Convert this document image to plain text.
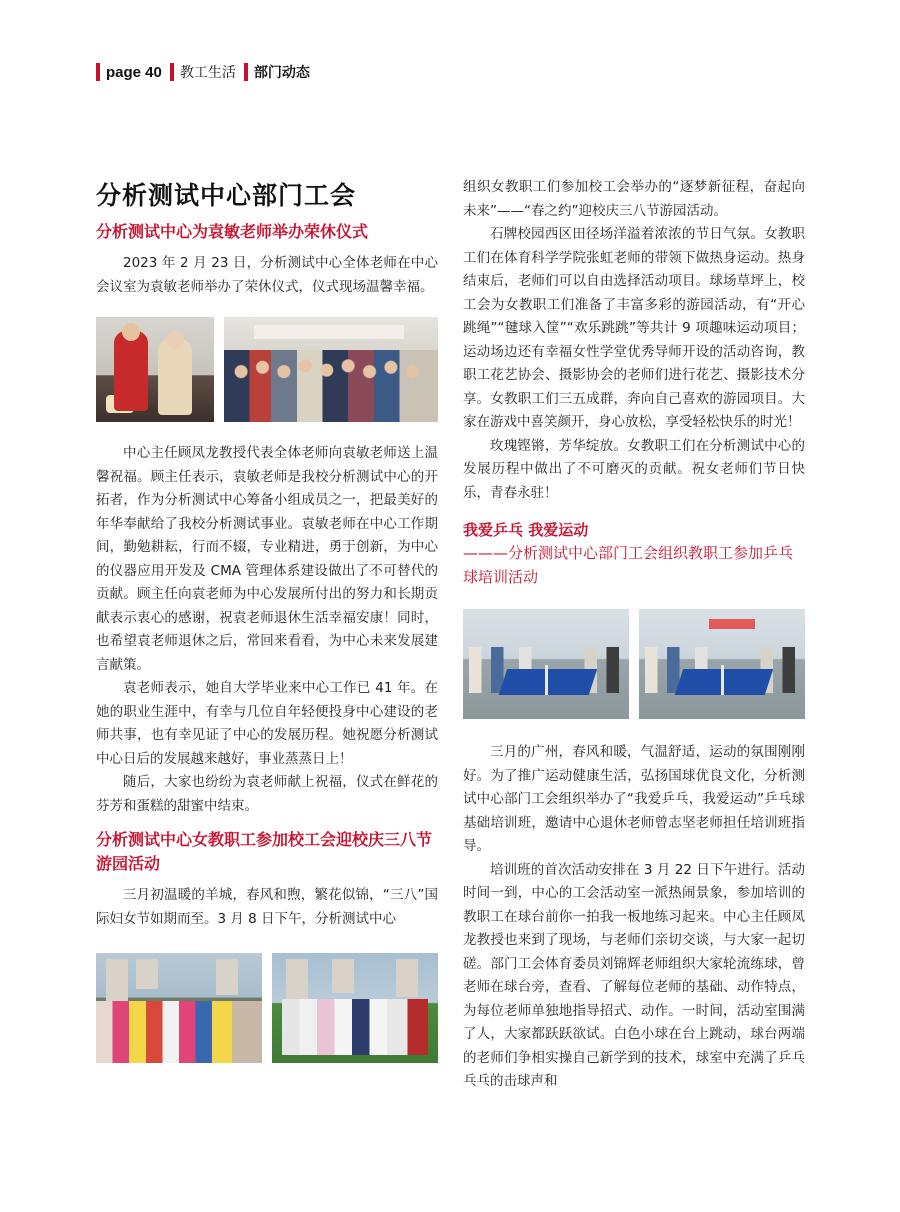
page 40 教工生活 部门动态
分析测试中心部门工会
分析测试中心为袁敏老师举办荣休仪式

2023 年 2 月 23 日，分析测试中心全体老师在中心会议室为袁敏老师举办了荣休仪式，仪式现场温馨幸福。

中心主任顾凤龙教授代表全体老师向袁敏老师送上温馨祝福。顾主任表示，袁敏老师是我校分析测试中心的开拓者，作为分析测试中心筹备小组成员之一，把最美好的年华奉献给了我校分析测试事业。袁敏老师在中心工作期间，勤勉耕耘，行而不辍，专业精进，勇于创新，为中心的仪器应用开发及 CMA 管理体系建设做出了不可替代的贡献。顾主任向袁老师为中心发展所付出的努力和长期贡献表示衷心的感谢，祝袁老师退休生活幸福安康！同时，也希望袁老师退休之后，常回来看看，为中心未来发展建言献策。

袁老师表示，她自大学毕业来中心工作已 41 年。在她的职业生涯中，有幸与几位自年轻便投身中心建设的老师共事，也有幸见证了中心的发展历程。她祝愿分析测试中心日后的发展越来越好，事业蒸蒸日上！

随后，大家也纷纷为袁老师献上祝福，仪式在鲜花的芬芳和蛋糕的甜蜜中结束。

分析测试中心女教职工参加校工会迎校庆三八节游园活动

三月初温暖的羊城，春风和煦，繁花似锦，“三八”国际妇女节如期而至。3 月 8 日下午，分析测试中心

组织女教职工们参加校工会举办的“逐梦新征程，奋起向未来”——“春之约”迎校庆三八节游园活动。

石牌校园西区田径场洋溢着浓浓的节日气氛。女教职工们在体育科学学院张虹老师的带领下做热身运动。热身结束后，老师们可以自由选择活动项目。球场草坪上，校工会为女教职工们准备了丰富多彩的游园活动，有“开心跳绳”“毽球入筐”“欢乐跳跳”等共计 9 项趣味运动项目；运动场边还有幸福女性学堂优秀导师开设的活动咨询，教职工花艺协会、摄影协会的老师们进行花艺、摄影技术分享。女教职工们三五成群，奔向自己喜欢的游园项目。大家在游戏中喜笑颜开，身心放松，享受轻松快乐的时光！

玫瑰铿锵，芳华绽放。女教职工们在分析测试中心的发展历程中做出了不可磨灭的贡献。祝女老师们节日快乐，青春永驻！

我爱乒乓 我爱运动

———分析测试中心部门工会组织教职工参加乒乓球培训活动

三月的广州，春风和暖，气温舒适，运动的氛围刚刚好。为了推广运动健康生活，弘扬国球优良文化，分析测试中心部门工会组织举办了“我爱乒乓，我爱运动”乒乓球基础培训班，邀请中心退休老师曾志坚老师担任培训班指导。

培训班的首次活动安排在 3 月 22 日下午进行。活动时间一到，中心的工会活动室一派热闹景象，参加培训的教职工在球台前你一拍我一板地练习起来。中心主任顾凤龙教授也来到了现场，与老师们亲切交谈，与大家一起切磋。部门工会体育委员刘锦辉老师组织大家轮流练球，曾老师在球台旁，查看、了解每位老师的基础、动作特点，为每位老师单独地指导招式、动作。一时间，活动室围满了人，大家都跃跃欲试。白色小球在台上跳动，球台两端的老师们争相实操自己新学到的技术，球室中充满了乒乓乓乓的击球声和
